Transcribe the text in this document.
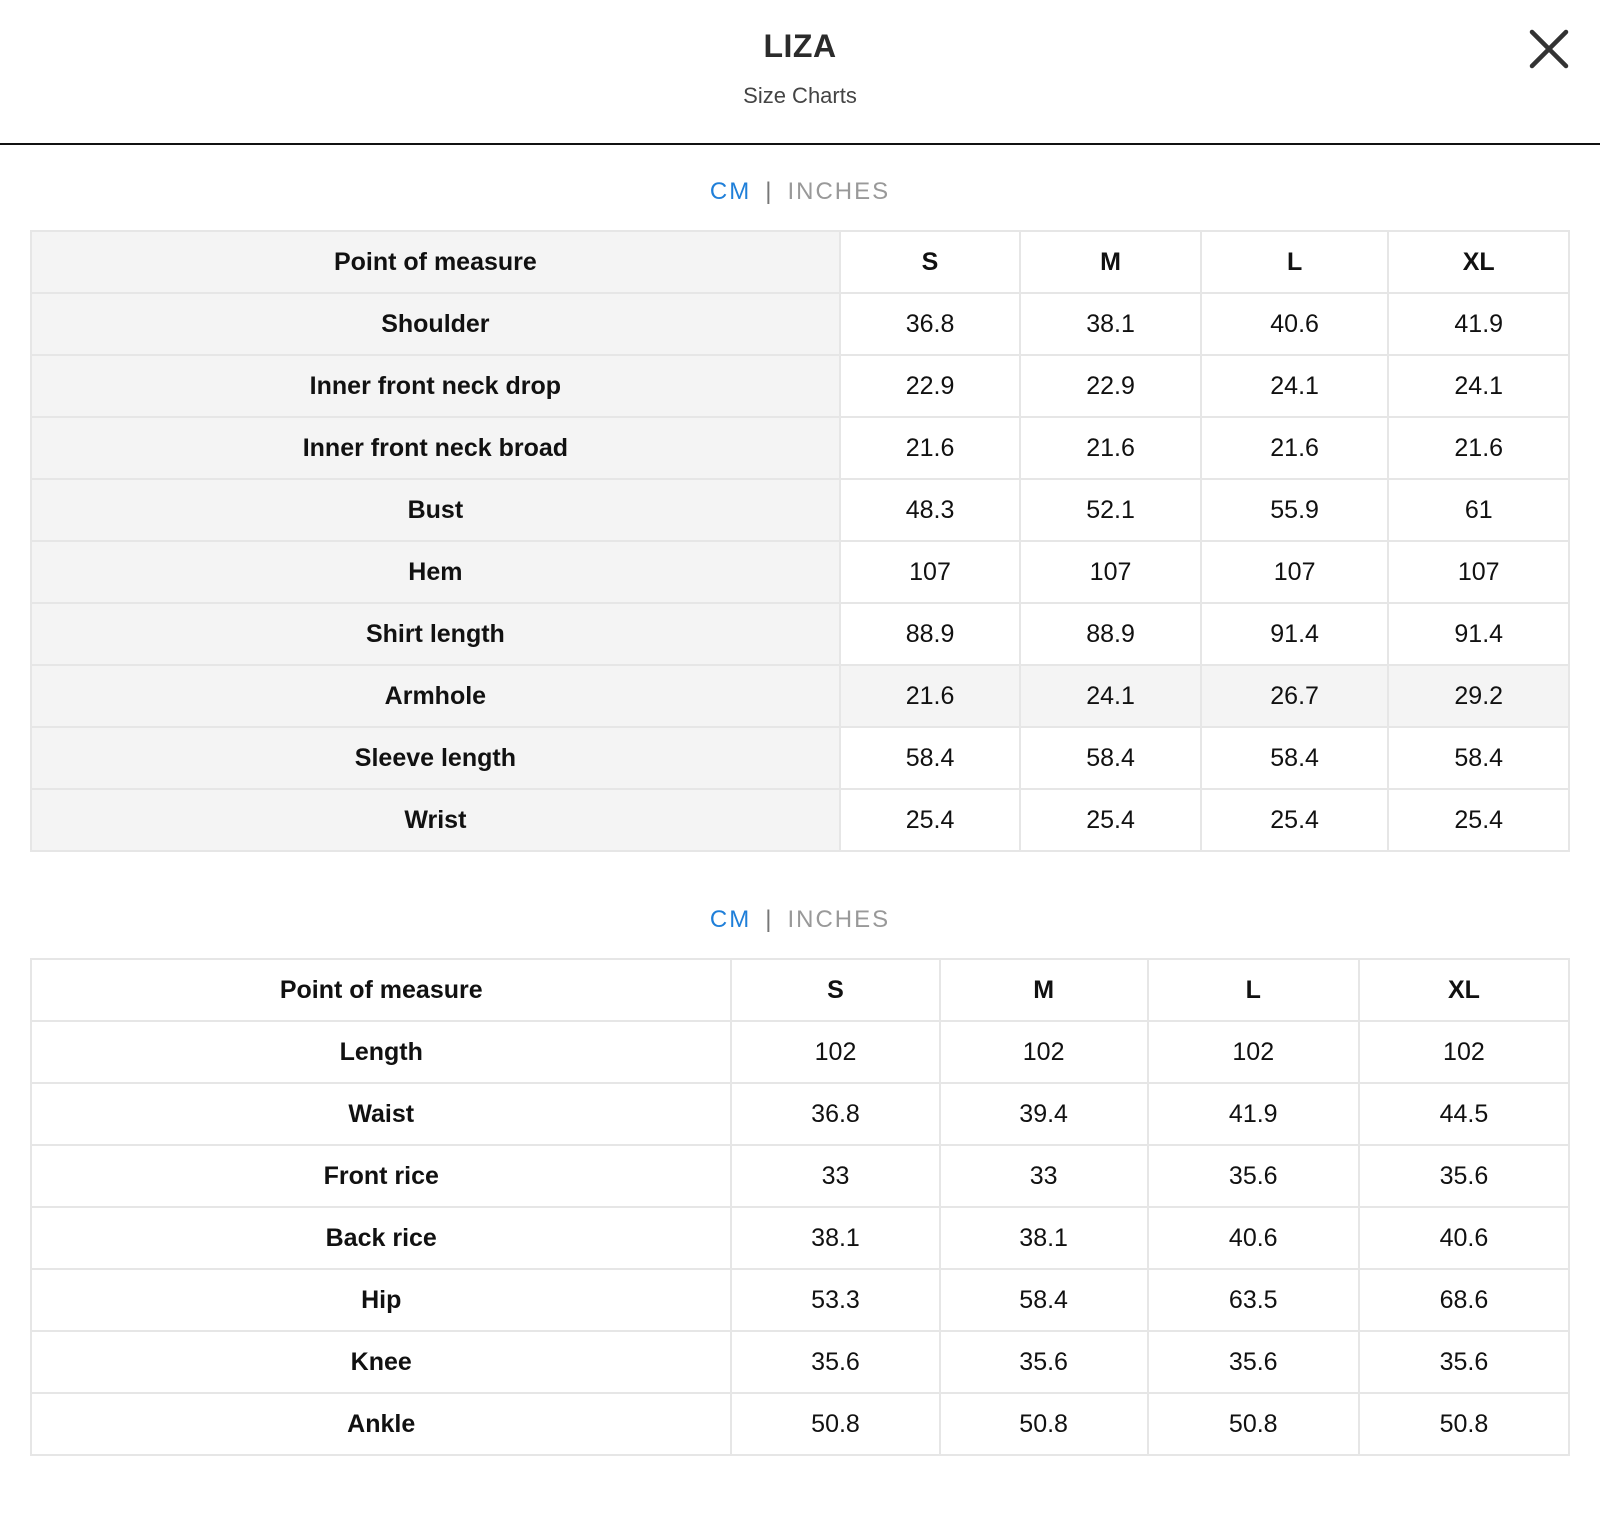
LIZA
Size Charts
CM | INCHES
Point of measure	S	M	L	XL
Shoulder	36.8	38.1	40.6	41.9
Inner front neck drop	22.9	22.9	24.1	24.1
Inner front neck broad	21.6	21.6	21.6	21.6
Bust	48.3	52.1	55.9	61
Hem	107	107	107	107
Shirt length	88.9	88.9	91.4	91.4
Armhole	21.6	24.1	26.7	29.2
Sleeve length	58.4	58.4	58.4	58.4
Wrist	25.4	25.4	25.4	25.4
CM | INCHES
Point of measure	S	M	L	XL
Length	102	102	102	102
Waist	36.8	39.4	41.9	44.5
Front rice	33	33	35.6	35.6
Back rice	38.1	38.1	40.6	40.6
Hip	53.3	58.4	63.5	68.6
Knee	35.6	35.6	35.6	35.6
Ankle	50.8	50.8	50.8	50.8
